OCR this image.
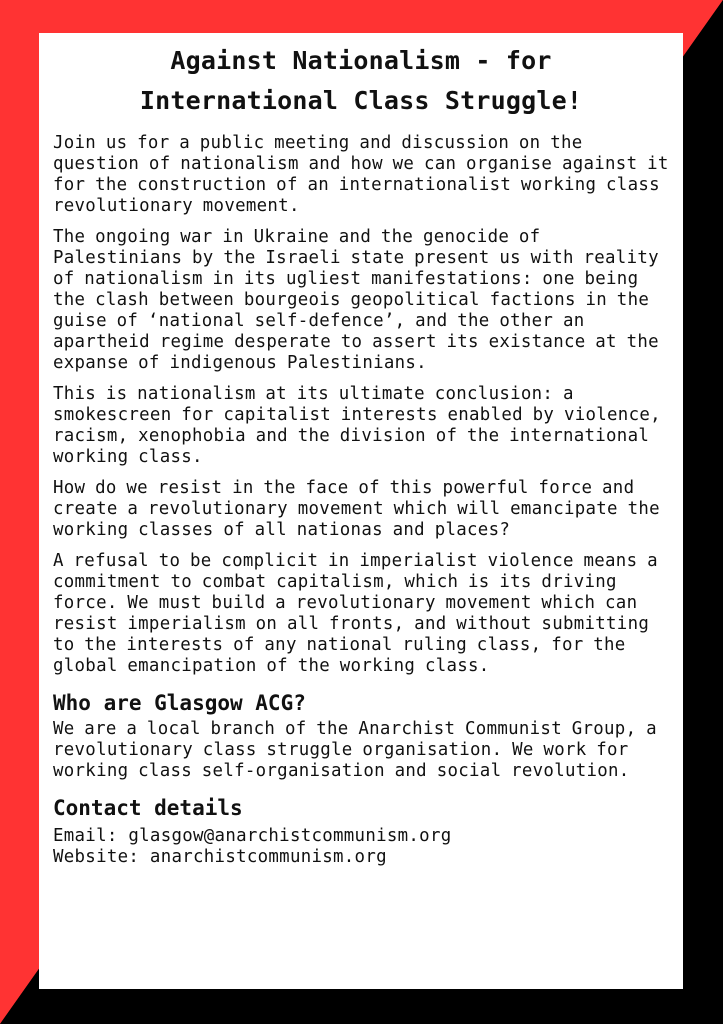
Against Nationalism - for
International Class Struggle!

Join us for a public meeting and discussion on the question of nationalism and how we can organise against it for the construction of an internationalist working class revolutionary movement.

The ongoing war in Ukraine and the genocide of Palestinians by the Israeli state present us with reality of nationalism in its ugliest manifestations: one being the clash between bourgeois geopolitical factions in the guise of ‘national self-defence’, and the other an apartheid regime desperate to assert its existance at the expanse of indigenous Palestinians.

This is nationalism at its ultimate conclusion: a smokescreen for capitalist interests enabled by violence, racism, xenophobia and the division of the international working class.

How do we resist in the face of this powerful force and create a revolutionary movement which will emancipate the working classes of all nationas and places?

A refusal to be complicit in imperialist violence means a commitment to combat capitalism, which is its driving force. We must build a revolutionary movement which can resist imperialism on all fronts, and without submitting to the interests of any national ruling class, for the global emancipation of the working class.

Who are Glasgow ACG?

We are a local branch of the Anarchist Communist Group, a revolutionary class struggle organisation. We work for working class self-organisation and social revolution.

Contact details

Email: glasgow@anarchistcommunism.org

Website: anarchistcommunism.org
